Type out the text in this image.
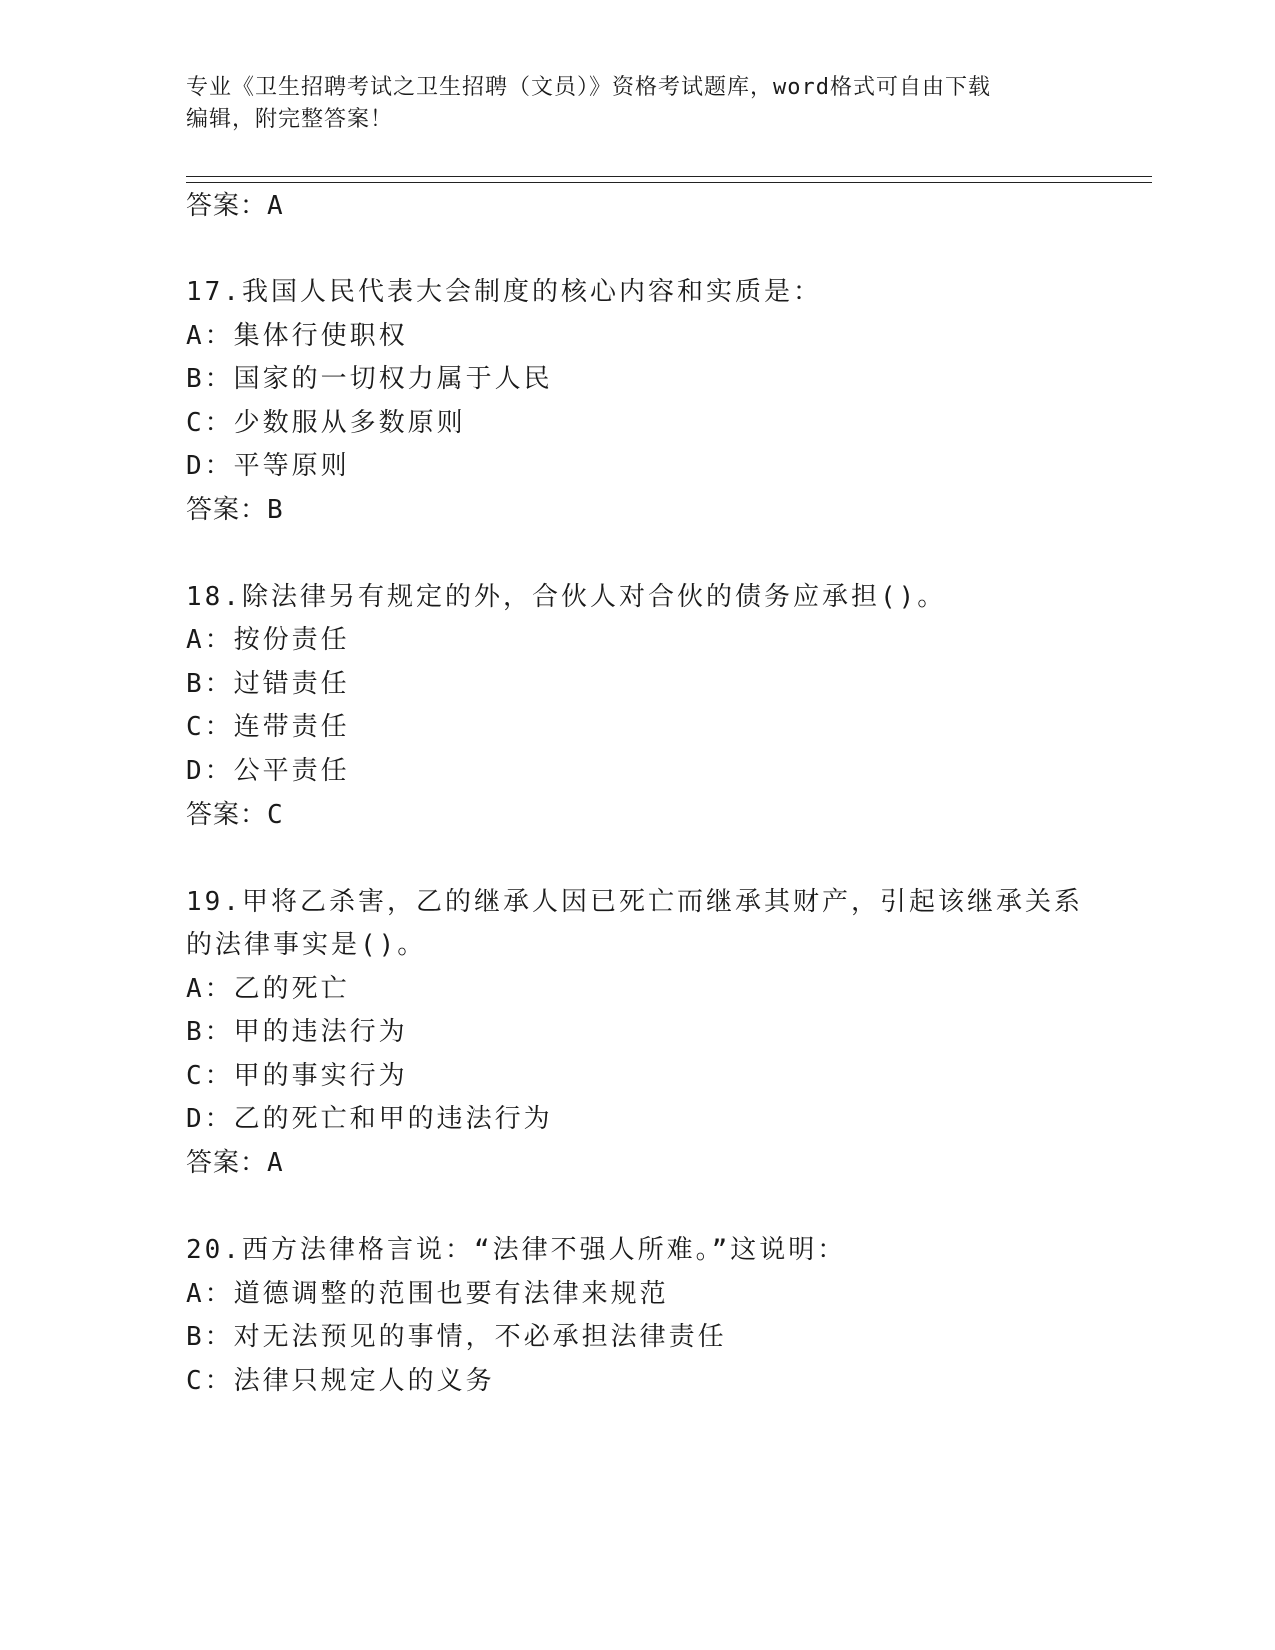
专业《卫生招聘考试之卫生招聘（文员）》资格考试题库，word格式可自由下载
编辑，附完整答案！
答案：A
17.我国人民代表大会制度的核心内容和实质是：
A：集体行使职权
B：国家的一切权力属于人民
C：少数服从多数原则
D：平等原则
答案：B
18.除法律另有规定的外，合伙人对合伙的债务应承担()。
A：按份责任
B：过错责任
C：连带责任
D：公平责任
答案：C
19.甲将乙杀害，乙的继承人因已死亡而继承其财产，引起该继承关系
的法律事实是()。
A：乙的死亡
B：甲的违法行为
C：甲的事实行为
D：乙的死亡和甲的违法行为
答案：A
20.西方法律格言说：“法律不强人所难。”这说明：
A：道德调整的范围也要有法律来规范
B：对无法预见的事情，不必承担法律责任
C：法律只规定人的义务
